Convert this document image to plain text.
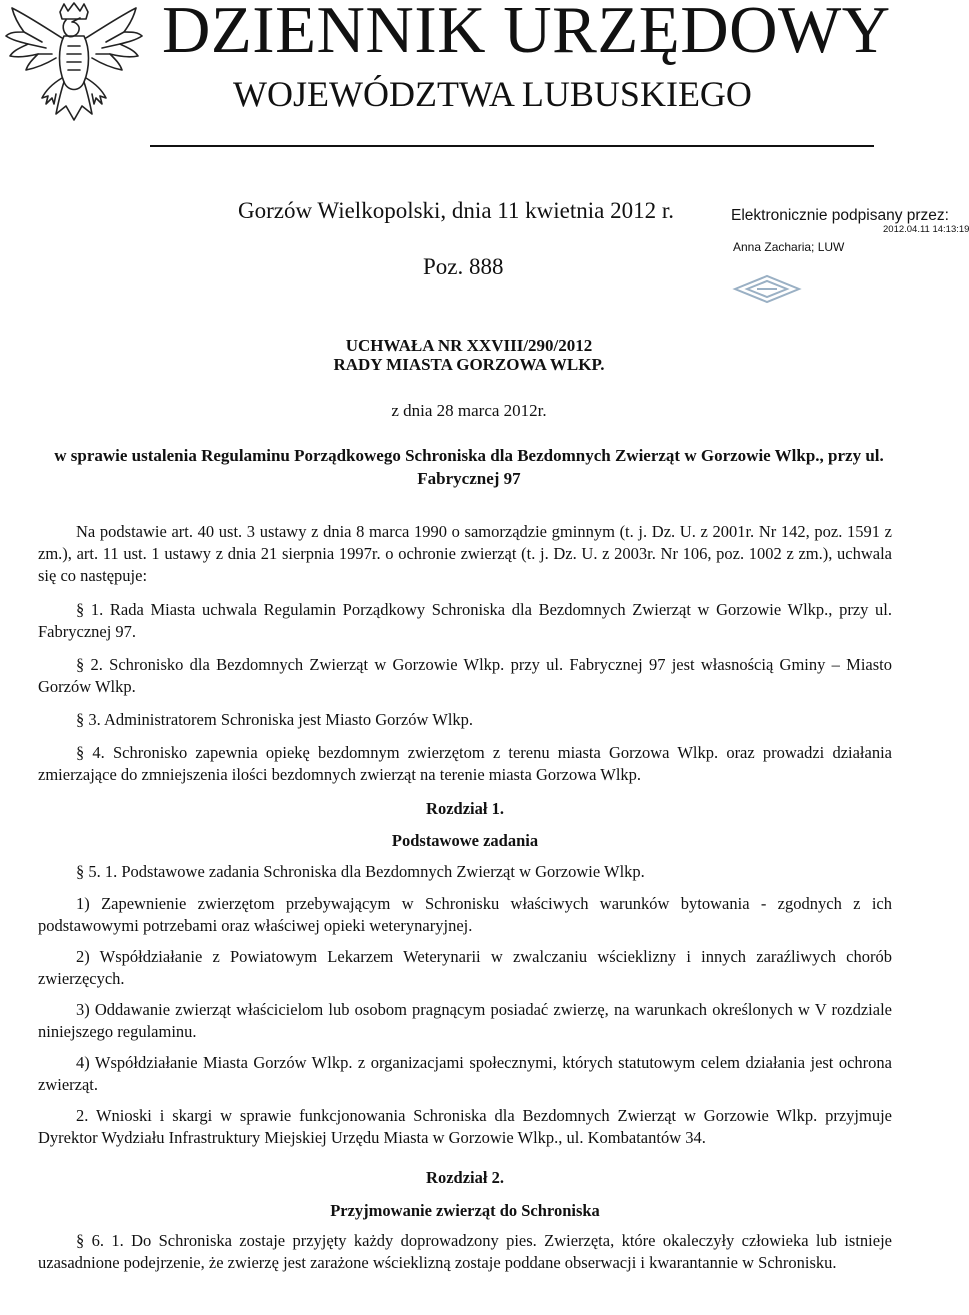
DZIENNIK URZĘDOWY
WOJEWÓDZTWA LUBUSKIEGO
Gorzów Wielkopolski, dnia 11 kwietnia 2012 r.
Poz. 888
Elektronicznie podpisany przez:
2012.04.11 14:13:19
Anna Zacharia; LUW
UCHWAŁA NR XXVIII/290/2012
RADY MIASTA GORZOWA WLKP.
z dnia 28 marca 2012r.
w sprawie ustalenia Regulaminu Porządkowego Schroniska dla Bezdomnych Zwierząt w Gorzowie Wlkp., przy ul. Fabrycznej 97

Na podstawie art. 40 ust. 3 ustawy z dnia 8 marca 1990 o samorządzie gminnym (t. j. Dz. U. z 2001r. Nr 142, poz. 1591 z zm.), art. 11 ust. 1 ustawy z dnia 21 sierpnia 1997r. o ochronie zwierząt (t. j. Dz. U. z 2003r. Nr 106, poz. 1002 z zm.), uchwala się co następuje:

§ 1. Rada Miasta uchwala Regulamin Porządkowy Schroniska dla Bezdomnych Zwierząt w Gorzowie Wlkp., przy ul. Fabrycznej 97.

§ 2. Schronisko dla Bezdomnych Zwierząt w Gorzowie Wlkp. przy ul. Fabrycznej 97 jest własnością Gminy – Miasto Gorzów Wlkp.

§ 3. Administratorem Schroniska jest Miasto Gorzów Wlkp.

§ 4. Schronisko zapewnia opiekę bezdomnym zwierzętom z terenu miasta Gorzowa Wlkp. oraz prowadzi działania zmierzające do zmniejszenia ilości bezdomnych zwierząt na terenie miasta Gorzowa Wlkp.

Rozdział 1.

Podstawowe zadania

§ 5. 1. Podstawowe zadania Schroniska dla Bezdomnych Zwierząt w Gorzowie Wlkp.

1) Zapewnienie zwierzętom przebywającym w Schronisku właściwych warunków bytowania - zgodnych z ich podstawowymi potrzebami oraz właściwej opieki weterynaryjnej.

2) Współdziałanie z Powiatowym Lekarzem Weterynarii w zwalczaniu wścieklizny i innych zaraźliwych chorób zwierzęcych.

3) Oddawanie zwierząt właścicielom lub osobom pragnącym posiadać zwierzę, na warunkach określonych w V rozdziale niniejszego regulaminu.

4) Współdziałanie Miasta Gorzów Wlkp. z organizacjami społecznymi, których statutowym celem działania jest ochrona zwierząt.

2. Wnioski i skargi w sprawie funkcjonowania Schroniska dla Bezdomnych Zwierząt w Gorzowie Wlkp. przyjmuje Dyrektor Wydziału Infrastruktury Miejskiej Urzędu Miasta w Gorzowie Wlkp., ul. Kombatantów 34.

Rozdział 2.

Przyjmowanie zwierząt do Schroniska

§ 6. 1. Do Schroniska zostaje przyjęty każdy doprowadzony pies. Zwierzęta, które okaleczyły człowieka lub istnieje uzasadnione podejrzenie, że zwierzę jest zarażone wścieklizną zostaje poddane obserwacji i kwarantannie w Schronisku.
